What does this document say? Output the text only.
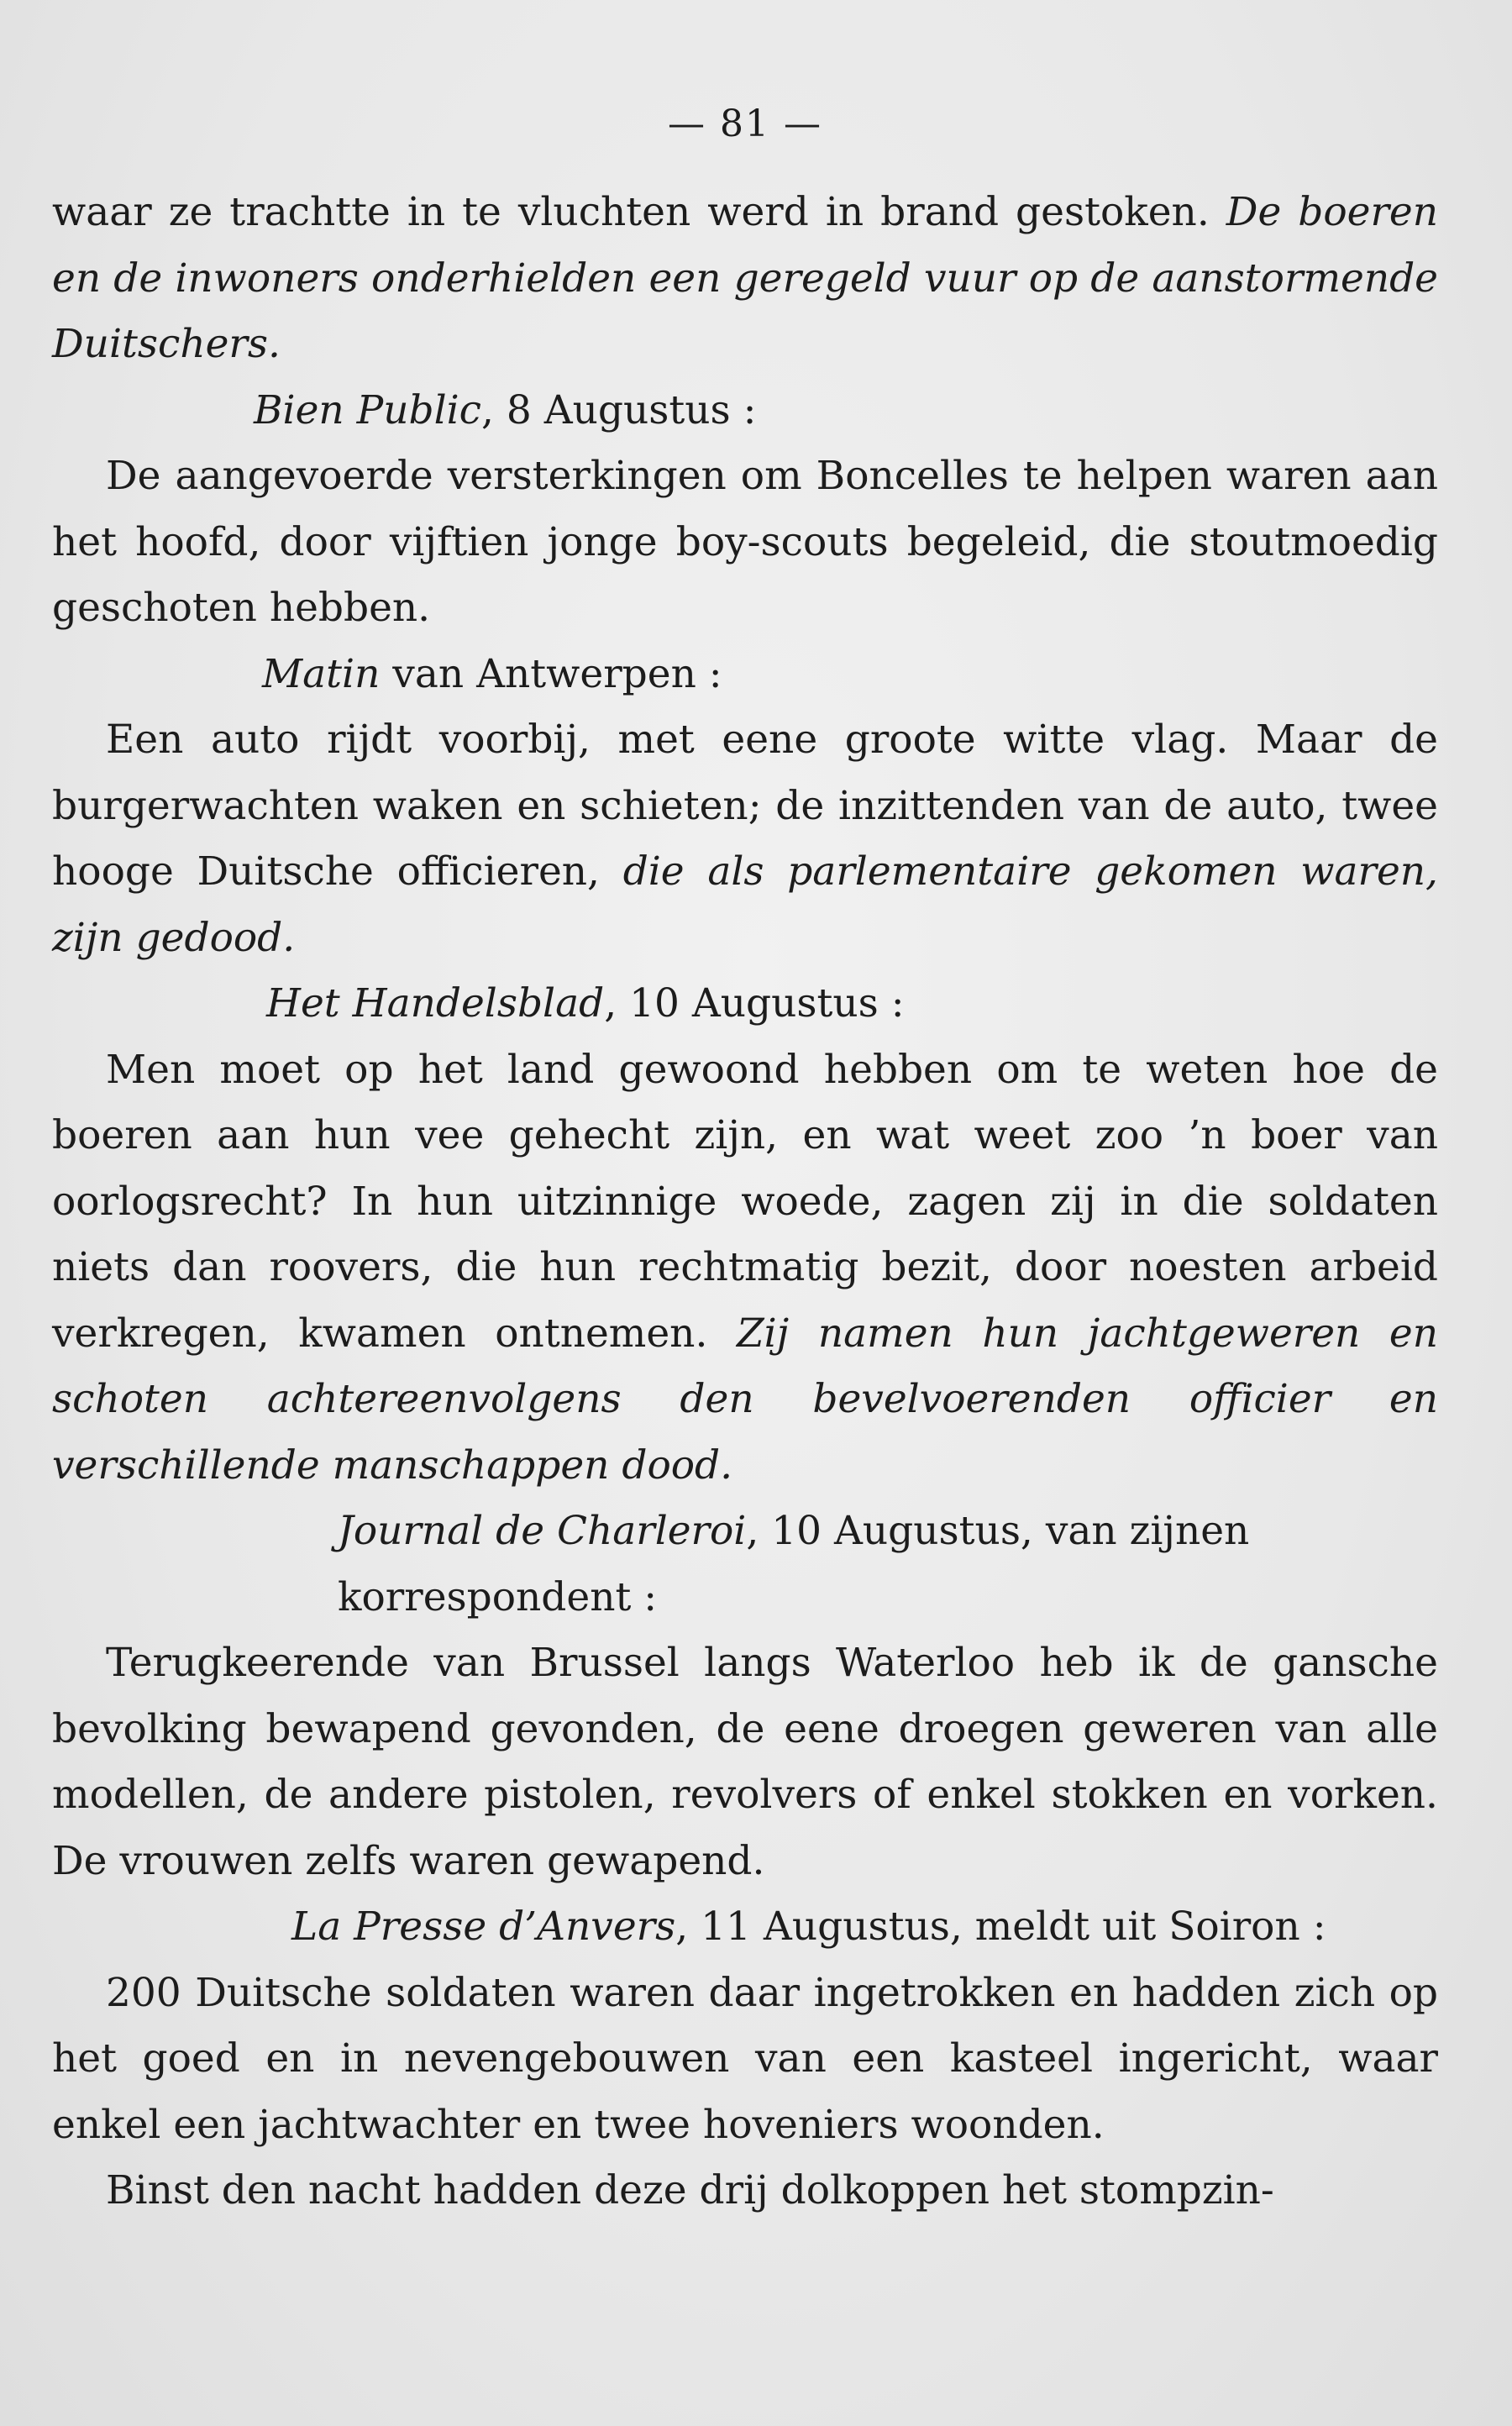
— 81 —

waar ze trachtte in te vluchten werd in brand gestoken. De boeren en de inwoners onderhielden een geregeld vuur op de aanstormende Duitschers.

Bien Public, 8 Augustus :

De aangevoerde versterkingen om Boncelles te helpen waren aan het hoofd, door vijftien jonge boy-scouts begeleid, die stoutmoedig geschoten hebben.

Matin van Antwerpen :

Een auto rijdt voorbij, met eene groote witte vlag. Maar de burgerwachten waken en schieten; de inzittenden van de auto, twee hooge Duitsche officieren, die als parlementaire gekomen waren, zijn gedood.

Het Handelsblad, 10 Augustus :

Men moet op het land gewoond hebben om te weten hoe de boeren aan hun vee gehecht zijn, en wat weet zoo ’n boer van oorlogsrecht? In hun uitzinnige woede, zagen zij in die soldaten niets dan roovers, die hun rechtmatig bezit, door noesten arbeid verkregen, kwamen ontnemen. Zij namen hun jachtgeweren en schoten achtereenvolgens den bevelvoerenden officier en verschillende manschappen dood.

Journal de Charleroi, 10 Augustus, van zijnen korrespondent :

Terugkeerende van Brussel langs Waterloo heb ik de gansche bevolking bewapend gevonden, de eene droegen geweren van alle modellen, de andere pistolen, revolvers of enkel stokken en vorken. De vrouwen zelfs waren gewapend.

La Presse d’Anvers, 11 Augustus, meldt uit Soiron :

200 Duitsche soldaten waren daar ingetrokken en hadden zich op het goed en in nevengebouwen van een kasteel ingericht, waar enkel een jachtwachter en twee hoveniers woonden.

Binst den nacht hadden deze drij dolkoppen het stompzin-
